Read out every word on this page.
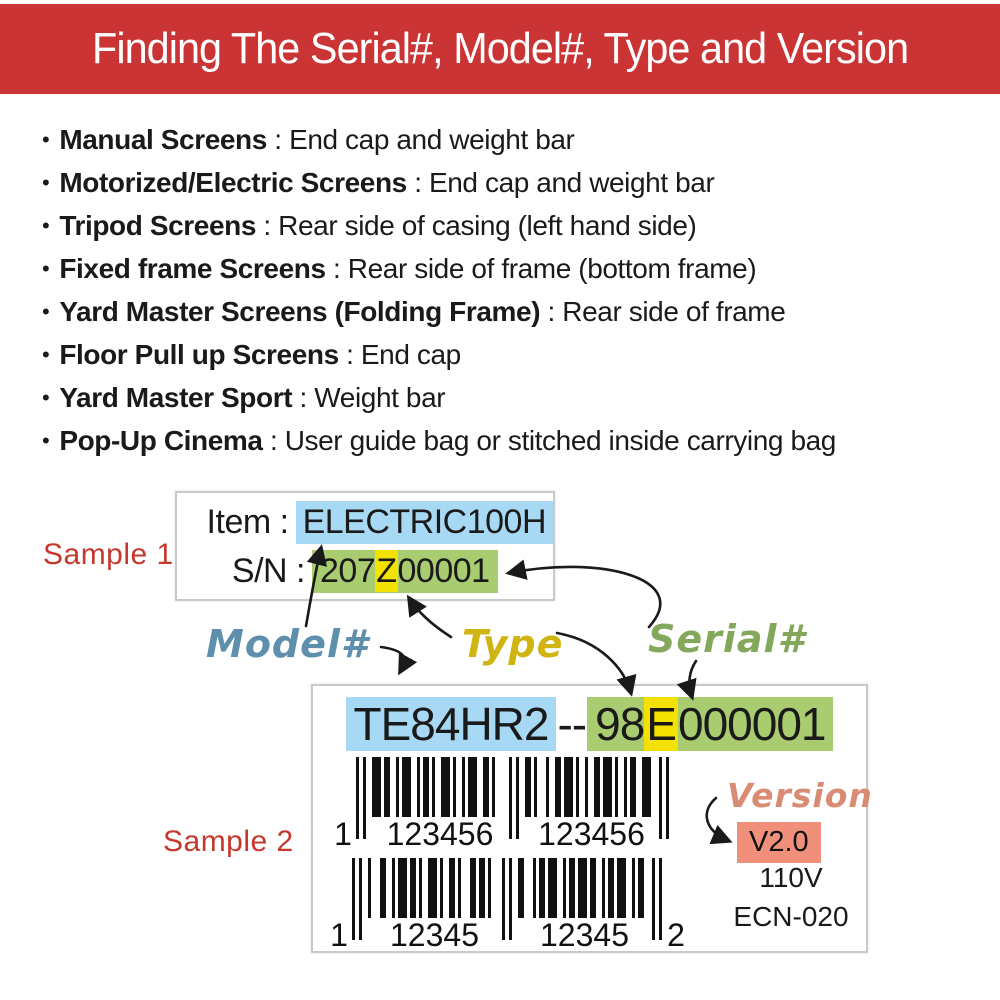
Finding The Serial#, Model#, Type and Version
• Manual Screens : End cap and weight bar
• Motorized/Electric Screens : End cap and weight bar
• Tripod Screens : Rear side of casing (left hand side)
• Fixed frame Screens : Rear side of frame (bottom frame)
• Yard Master Screens (Folding Frame) : Rear side of frame
• Floor Pull up Screens : End cap
• Yard Master Sport : Weight bar
• Pop-Up Cinema : User guide bag or stitched inside carrying bag
Sample 1
Item : ELECTRIC100H
S/N : 207Z00001
Model# Type Serial#
Sample 2
TE84HR2 -- 98E000001
1 123456 123456
1 12345 12345 2
Version
V2.0
110V
ECN-020
